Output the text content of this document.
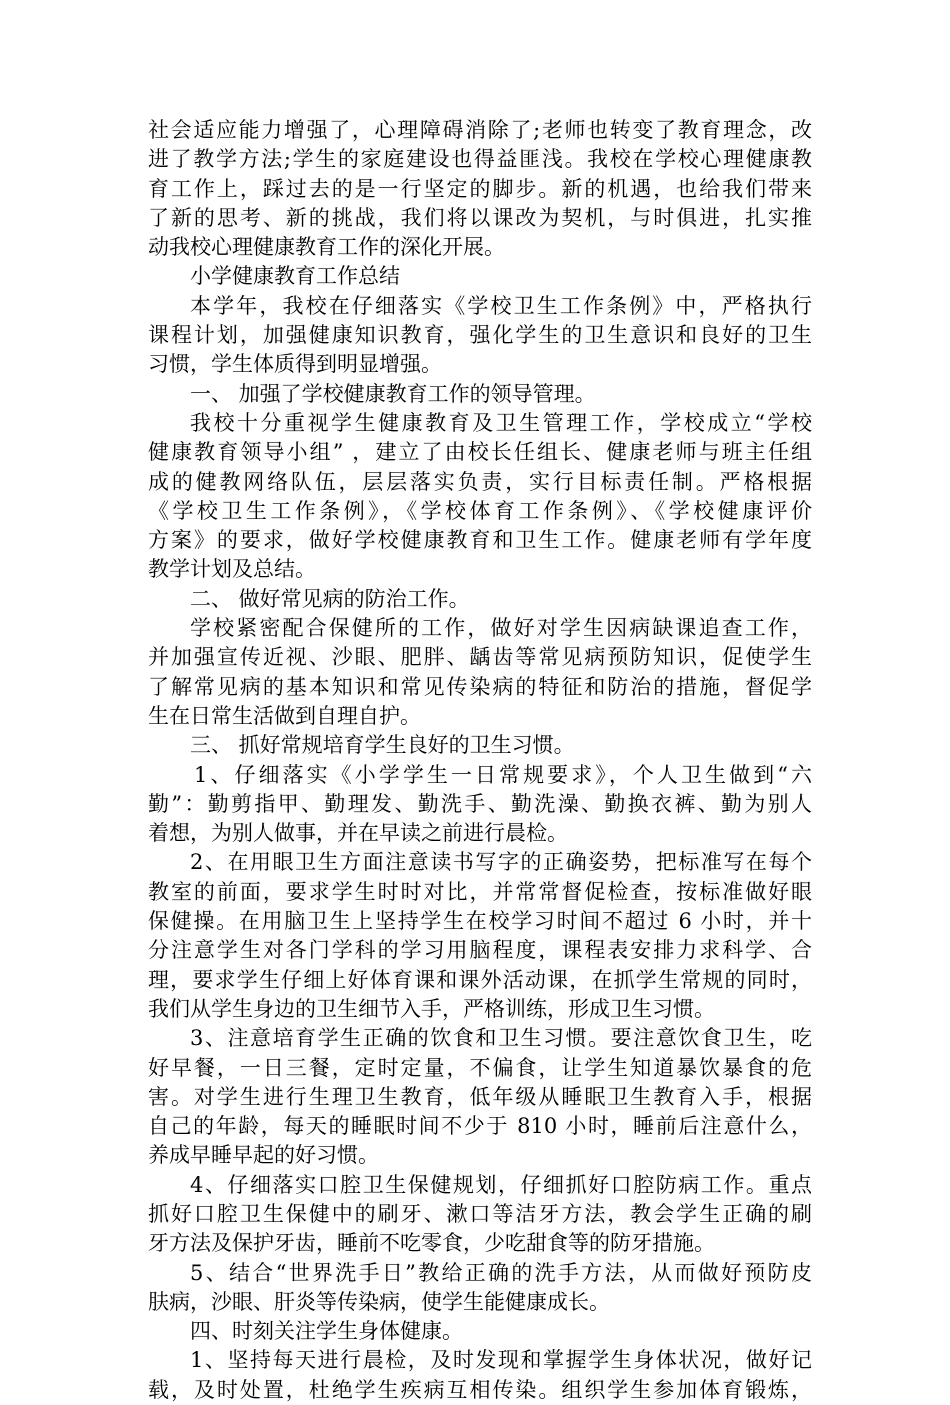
社会适应能力增强了，心理障碍消除了;老师也转变了教育理念，改
进了教学方法;学生的家庭建设也得益匪浅。我校在学校心理健康教
育工作上，踩过去的是一行坚定的脚步。新的机遇，也给我们带来
了新的思考、新的挑战，我们将以课改为契机，与时俱进，扎实推
动我校心理健康教育工作的深化开展。
小学健康教育工作总结
本学年，我校在仔细落实《学校卫生工作条例》中，严格执行
课程计划，加强健康知识教育，强化学生的卫生意识和良好的卫生
习惯，学生体质得到明显增强。
一、 加强了学校健康教育工作的领导管理。
我校十分重视学生健康教育及卫生管理工作，学校成立“学校
健康教育领导小组” ，建立了由校长任组长、健康老师与班主任组
成的健教网络队伍，层层落实负责，实行目标责任制。严格根据
《学校卫生工作条例》，《学校体育工作条例》、《学校健康评价
方案》的要求，做好学校健康教育和卫生工作。健康老师有学年度
教学计划及总结。
二、 做好常见病的防治工作。
学校紧密配合保健所的工作，做好对学生因病缺课追查工作，
并加强宣传近视、沙眼、肥胖、龋齿等常见病预防知识，促使学生
了解常见病的基本知识和常见传染病的特征和防治的措施，督促学
生在日常生活做到自理自护。
三、 抓好常规培育学生良好的卫生习惯。
1、仔细落实《小学学生一日常规要求》，个人卫生做到“六
勤”：勤剪指甲、勤理发、勤洗手、勤洗澡、勤换衣裤、勤为别人
着想，为别人做事，并在早读之前进行晨检。
2、在用眼卫生方面注意读书写字的正确姿势，把标准写在每个
教室的前面，要求学生时时对比，并常常督促检查，按标准做好眼
保健操。在用脑卫生上坚持学生在校学习时间不超过 6 小时，并十
分注意学生对各门学科的学习用脑程度，课程表安排力求科学、合
理，要求学生仔细上好体育课和课外活动课，在抓学生常规的同时，
我们从学生身边的卫生细节入手，严格训练，形成卫生习惯。
3、注意培育学生正确的饮食和卫生习惯。要注意饮食卫生，吃
好早餐，一日三餐，定时定量，不偏食，让学生知道暴饮暴食的危
害。对学生进行生理卫生教育，低年级从睡眠卫生教育入手，根据
自己的年龄，每天的睡眠时间不少于 810 小时，睡前后注意什么，
养成早睡早起的好习惯。
4、仔细落实口腔卫生保健规划，仔细抓好口腔防病工作。重点
抓好口腔卫生保健中的刷牙、漱口等洁牙方法，教会学生正确的刷
牙方法及保护牙齿，睡前不吃零食，少吃甜食等的防牙措施。
5、结合“世界洗手日”教给正确的洗手方法，从而做好预防皮
肤病，沙眼、肝炎等传染病，使学生能健康成长。
四、时刻关注学生身体健康。
1、坚持每天进行晨检，及时发现和掌握学生身体状况，做好记
载，及时处置，杜绝学生疾病互相传染。组织学生参加体育锻炼，
